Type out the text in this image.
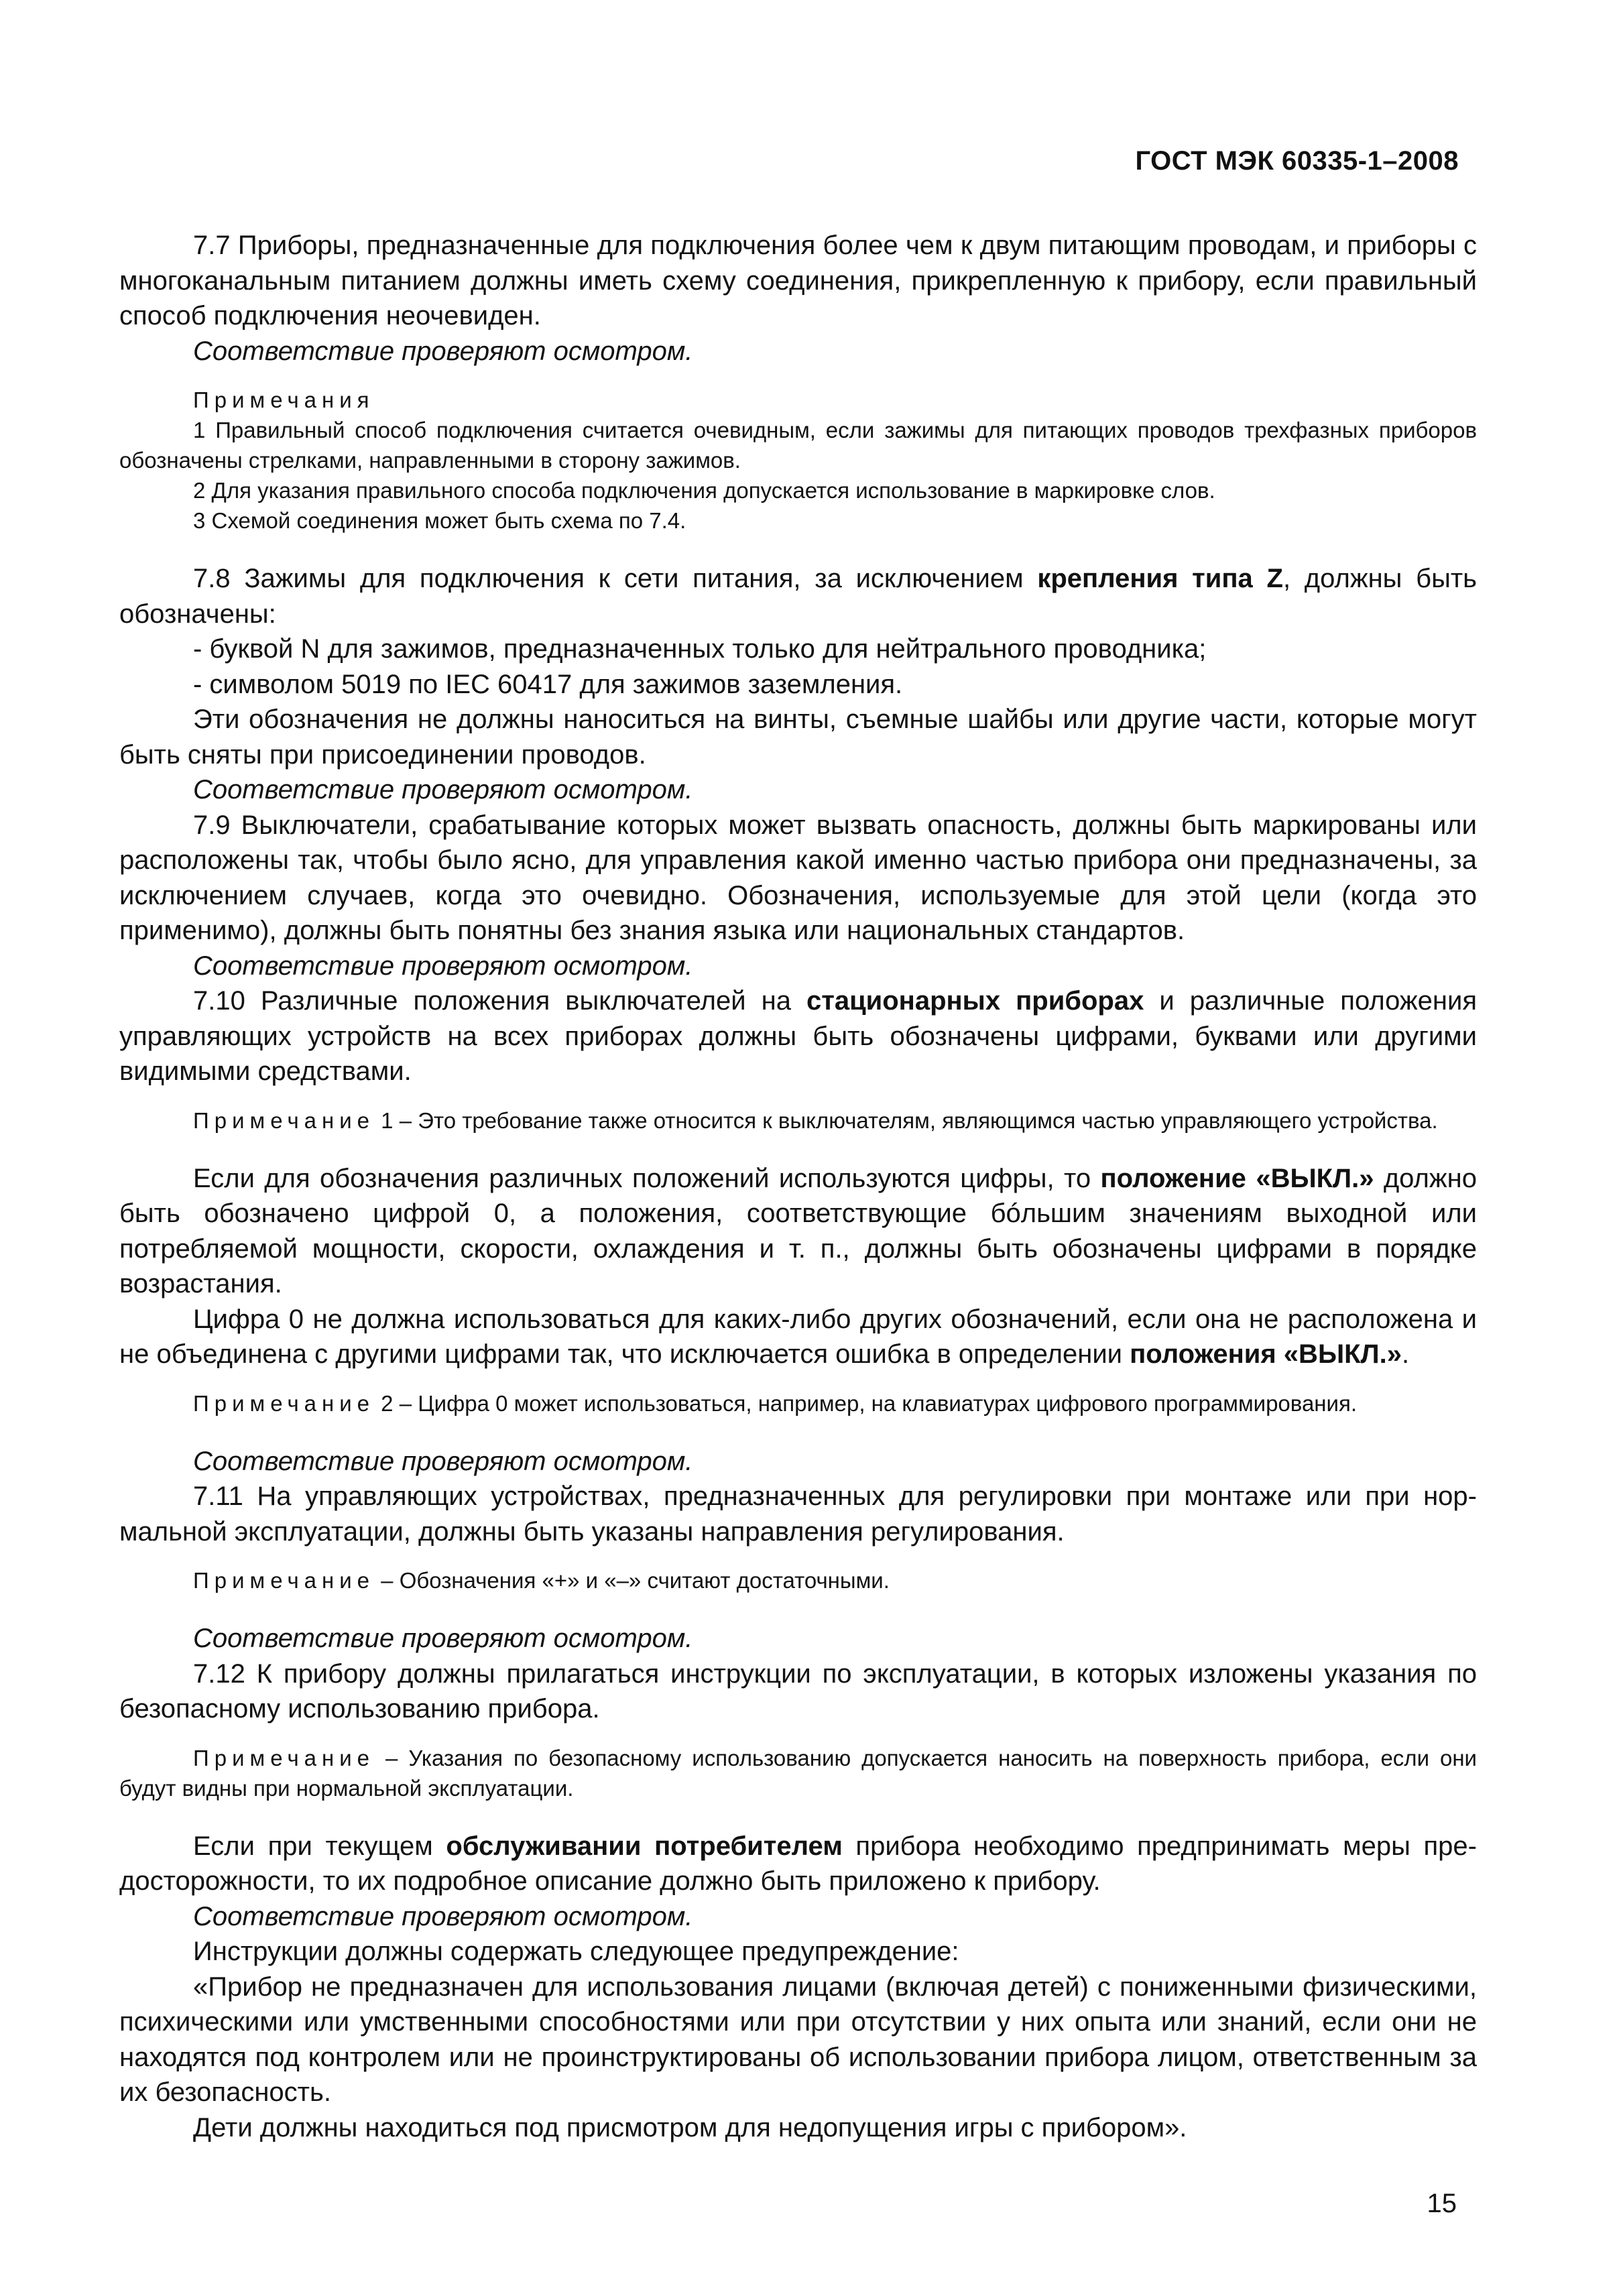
ГОСТ МЭК 60335-1–2008

7.7 Приборы, предназначенные для подключения более чем к двум питающим проводам, и приборы с многоканальным питанием должны иметь схему соединения, прикрепленную к прибору, если правильный способ подключения неочевиден.

Соответствие проверяют осмотром.

Примечания

1 Правильный способ подключения считается очевидным, если зажимы для питающих проводов трехфазных приборов обозначены стрелками, направленными в сторону зажимов.

2 Для указания правильного способа подключения допускается использование в маркировке слов.

3 Схемой соединения может быть схема по 7.4.

7.8 Зажимы для подключения к сети питания, за исключением крепления типа Z, должны быть обозначены:

- буквой N для зажимов, предназначенных только для нейтрального проводника;

- символом 5019 по IEC 60417 для зажимов заземления.

Эти обозначения не должны наноситься на винты, съемные шайбы или другие части, которые могут быть сняты при присоединении проводов.

Соответствие проверяют осмотром.

7.9 Выключатели, срабатывание которых может вызвать опасность, должны быть маркированы или расположены так, чтобы было ясно, для управления какой именно частью прибора они предназначены, за исключением случаев, когда это очевидно. Обозначения, используемые для этой цели (когда это применимо), должны быть понятны без знания языка или национальных стандартов.

Соответствие проверяют осмотром.

7.10 Различные положения выключателей на стационарных приборах и различные положения управляющих устройств на всех приборах должны быть обозначены цифрами, буквами или другими видимыми средствами.

Примечание 1 – Это требование также относится к выключателям, являющимся частью управляющего устройства.

Если для обозначения различных положений используются цифры, то положение «ВЫКЛ.» должно быть обозначено цифрой 0, а положения, соответствующие бóльшим значениям выходной или потребляемой мощности, скорости, охлаждения и т. п., должны быть обозначены цифрами в порядке возрастания.

Цифра 0 не должна использоваться для каких-либо других обозначений, если она не расположена и не объединена с другими цифрами так, что исключается ошибка в определении положения «ВЫКЛ.».

Примечание 2 – Цифра 0 может использоваться, например, на клавиатурах цифрового программирования.

Соответствие проверяют осмотром.

7.11 На управляющих устройствах, предназначенных для регулировки при монтаже или при нормальной эксплуатации, должны быть указаны направления регулирования.

Примечание – Обозначения «+» и «–» считают достаточными.

Соответствие проверяют осмотром.

7.12 К прибору должны прилагаться инструкции по эксплуатации, в которых изложены указания по безопасному использованию прибора.

Примечание – Указания по безопасному использованию допускается наносить на поверхность прибора, если они будут видны при нормальной эксплуатации.

Если при текущем обслуживании потребителем прибора необходимо предпринимать меры предосторожности, то их подробное описание должно быть приложено к прибору.

Соответствие проверяют осмотром.

Инструкции должны содержать следующее предупреждение:

«Прибор не предназначен для использования лицами (включая детей) с пониженными физическими, психическими или умственными способностями или при отсутствии у них опыта или знаний, если они не находятся под контролем или не проинструктированы об использовании прибора лицом, ответственным за их безопасность.

Дети должны находиться под присмотром для недопущения игры с прибором».

15
